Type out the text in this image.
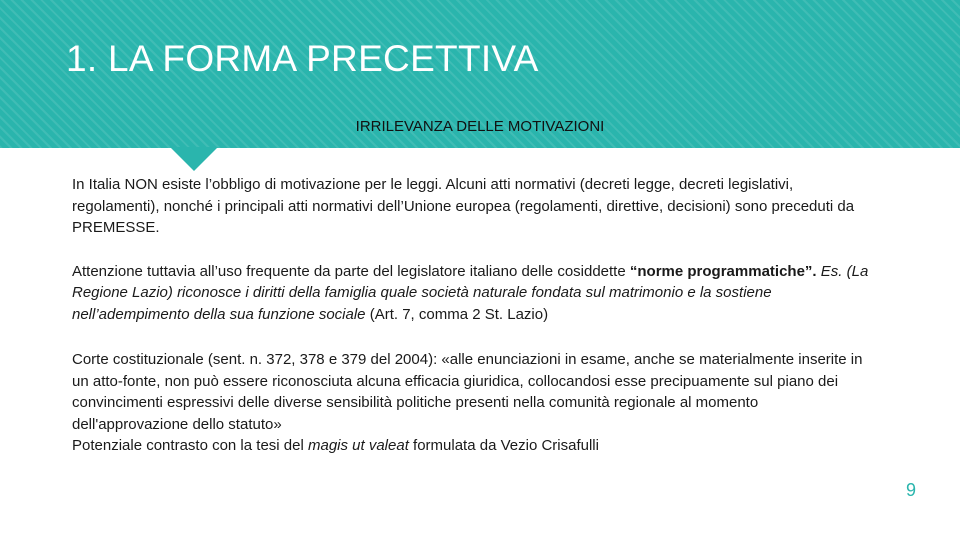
1. LA FORMA PRECETTIVA
IRRILEVANZA DELLE MOTIVAZIONI

In Italia NON esiste l’obbligo di motivazione per le leggi. Alcuni atti normativi (decreti legge, decreti legislativi, regolamenti), nonché i principali atti normativi dell’Unione europea (regolamenti, direttive, decisioni) sono preceduti da PREMESSE.

Attenzione tuttavia all’uso frequente da parte del legislatore italiano delle cosiddette “norme programmatiche”. Es. (La Regione Lazio) riconosce i diritti della famiglia quale società naturale fondata sul matrimonio e la sostiene nell’adempimento della sua funzione sociale (Art. 7, comma 2 St. Lazio)

Corte costituzionale (sent. n. 372, 378 e 379 del 2004): «alle enunciazioni in esame, anche se materialmente inserite in un atto-fonte, non può essere riconosciuta alcuna efficacia giuridica, collocandosi esse precipuamente sul piano dei convincimenti espressivi delle diverse sensibilità politiche presenti nella comunità regionale al momento dell'approvazione dello statuto»
Potenziale contrasto con la tesi del magis ut valeat formulata da Vezio Crisafulli

9
